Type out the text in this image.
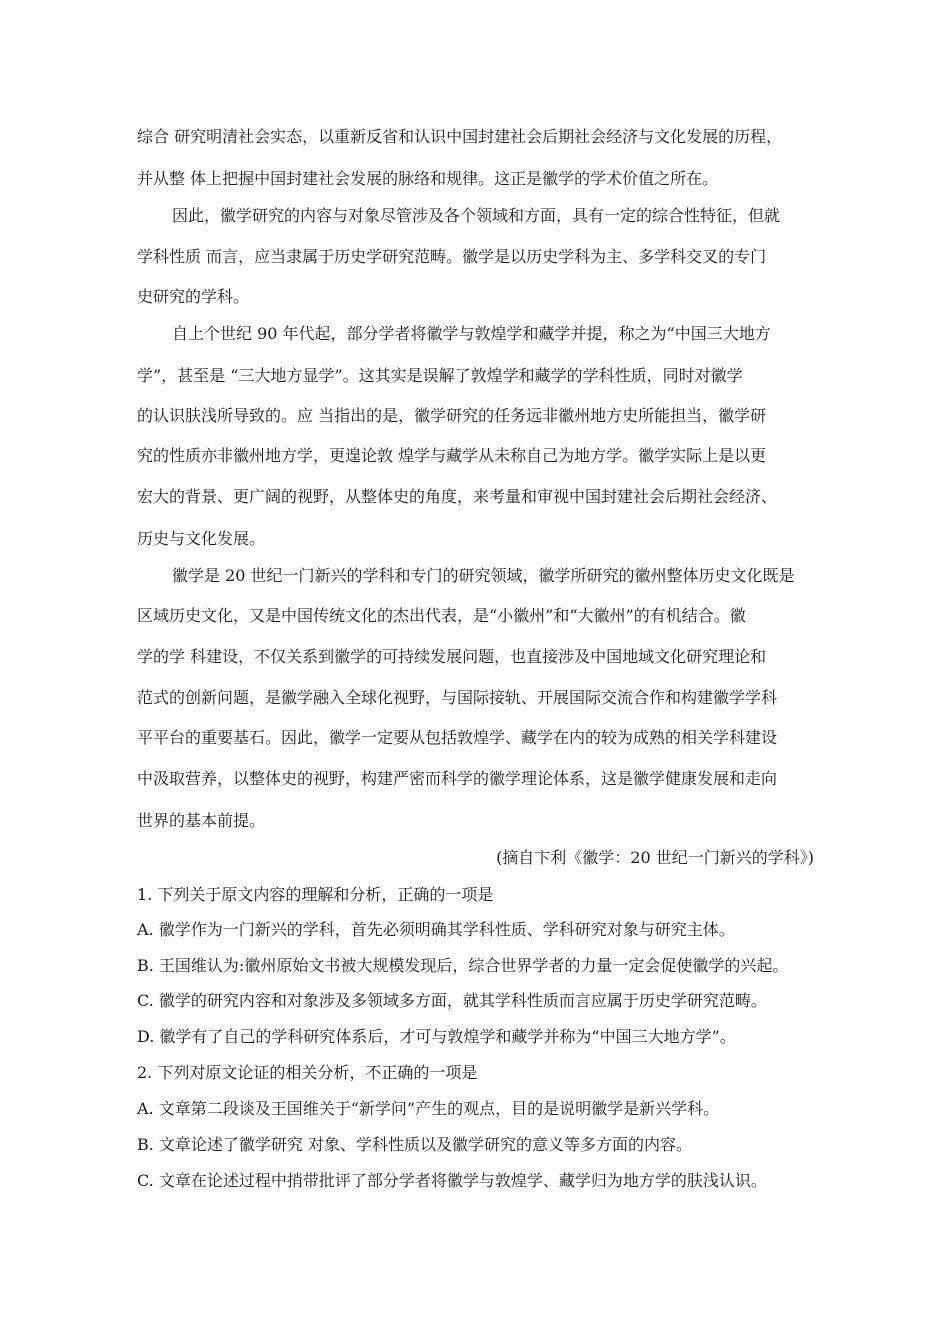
综合 研究明清社会实态，以重新反省和认识中国封建社会后期社会经济与文化发展的历程，
并从整 体上把握中国封建社会发展的脉络和规律。这正是徽学的学术价值之所在。
因此，徽学研究的内容与对象尽管涉及各个领域和方面，具有一定的综合性特征，但就
学科性质 而言，应当隶属于历史学研究范畴。徽学是以历史学科为主、多学科交叉的专门
史研究的学科。
自上个世纪 90 年代起，部分学者将徽学与敦煌学和藏学并提，称之为“中国三大地方
学”，甚至是 “三大地方显学”。这其实是误解了敦煌学和藏学的学科性质，同时对徽学
的认识肤浅所导致的。应 当指出的是，徽学研究的任务远非徽州地方史所能担当，徽学研
究的性质亦非徽州地方学，更遑论敦 煌学与藏学从未称自己为地方学。徽学实际上是以更
宏大的背景、更广阔的视野，从整体史的角度，来考量和审视中国封建社会后期社会经济、
历史与文化发展。
徽学是 20 世纪一门新兴的学科和专门的研究领域，徽学所研究的徽州整体历史文化既是
区域历史文化，又是中国传统文化的杰出代表，是“小徽州”和“大徽州”的有机结合。徽
学的学 科建设，不仅关系到徽学的可持续发展问题，也直接涉及中国地域文化研究理论和
范式的创新问题，是徽学融入全球化视野，与国际接轨、开展国际交流合作和构建徽学学科
平平台的重要基石。因此，徽学一定要从包括敦煌学、藏学在内的较为成熟的相关学科建设
中汲取营养，以整体史的视野，构建严密而科学的徽学理论体系，这是徽学健康发展和走向
世界的基本前提。
(摘自卞利《徽学：20 世纪一门新兴的学科》)
1. 下列关于原文内容的理解和分析，正确的一项是
A. 徽学作为一门新兴的学科，首先必须明确其学科性质、学科研究对象与研究主体。
B. 王国维认为:徽州原始文书被大规模发现后，综合世界学者的力量一定会促使徽学的兴起。
C. 徽学的研究内容和对象涉及多领域多方面，就其学科性质而言应属于历史学研究范畴。
D. 徽学有了自己的学科研究体系后，才可与敦煌学和藏学并称为“中国三大地方学”。
2. 下列对原文论证的相关分析，不正确的一项是
A. 文章第二段谈及王国维关于“新学问”产生的观点，目的是说明徽学是新兴学科。
B. 文章论述了徽学研究 对象、学科性质以及徽学研究的意义等多方面的内容。
C. 文章在论述过程中捎带批评了部分学者将徽学与敦煌学、藏学归为地方学的肤浅认识。
